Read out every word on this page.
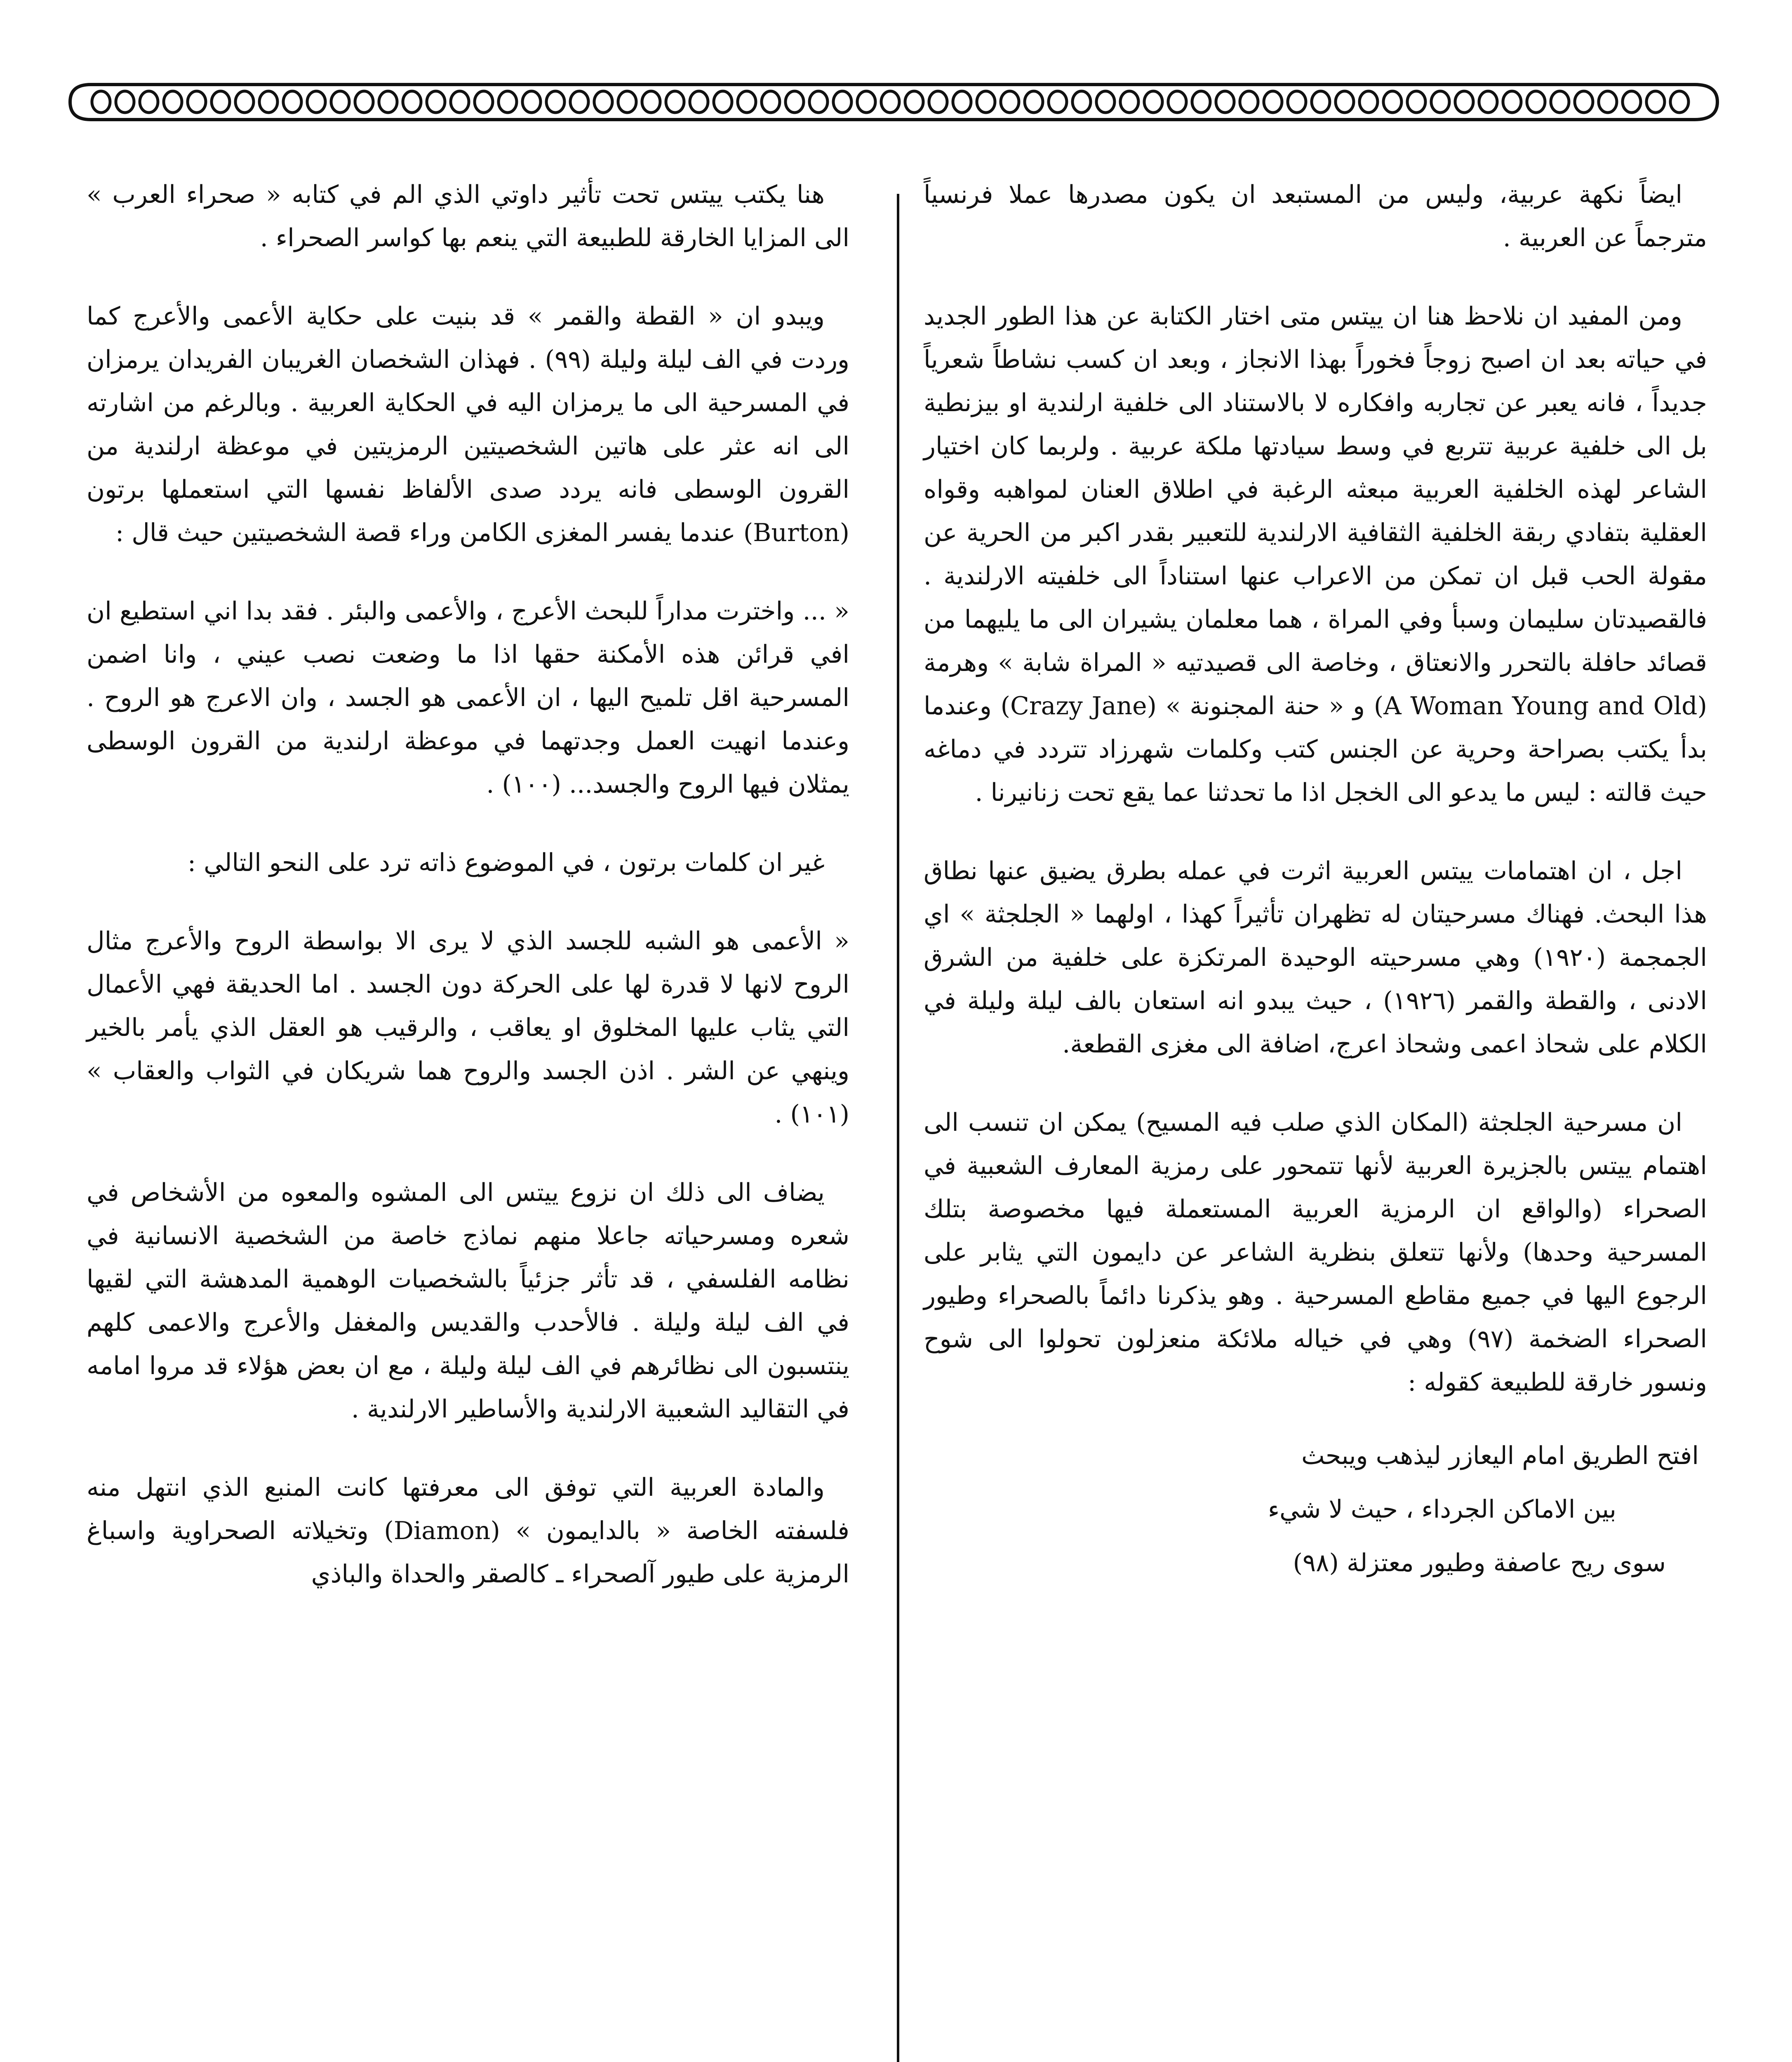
ايضاً نكهة عربية، وليس من المستبعد ان يكون مصدرها عملا فرنسياً مترجماً عن العربية .

ومن المفيد ان نلاحظ هنا ان ييتس متى اختار الكتابة عن هذا الطور الجديد في حياته بعد ان اصبح زوجاً فخوراً بهذا الانجاز ، وبعد ان كسب نشاطاً شعرياً جديداً ، فانه يعبر عن تجاربه وافكاره لا بالاستناد الى خلفية ارلندية او بيزنطية بل الى خلفية عربية تتربع في وسط سيادتها ملكة عربية . ولربما كان اختيار الشاعر لهذه الخلفية العربية مبعثه الرغبة في اطلاق العنان لمواهبه وقواه العقلية بتفادي ربقة الخلفية الثقافية الارلندية للتعبير بقدر اكبر من الحرية عن مقولة الحب قبل ان تمكن من الاعراب عنها استناداً الى خلفيته الارلندية . فالقصيدتان سليمان وسبأ وفي المراة ، هما معلمان يشيران الى ما يليهما من قصائد حافلة بالتحرر والانعتاق ، وخاصة الى قصيدتيه « المراة شابة » وهرمة (A Woman Young and Old) و « حنة المجنونة » (Crazy Jane) وعندما بدأ يكتب بصراحة وحرية عن الجنس كتب وكلمات شهرزاد تتردد في دماغه حيث قالته : ليس ما يدعو الى الخجل اذا ما تحدثنا عما يقع تحت زنانيرنا .

اجل ، ان اهتمامات ييتس العربية اثرت في عمله بطرق يضيق عنها نطاق هذا البحث. فهناك مسرحيتان له تظهران تأثيراً كهذا ، اولهما « الجلجثة » اي الجمجمة (١٩٢٠) وهي مسرحيته الوحيدة المرتكزة على خلفية من الشرق الادنى ، والقطة والقمر (١٩٢٦) ، حيث يبدو انه استعان بالف ليلة وليلة في الكلام على شحاذ اعمى وشحاذ اعرج، اضافة الى مغزى القطعة.

ان مسرحية الجلجثة (المكان الذي صلب فيه المسيح) يمكن ان تنسب الى اهتمام ييتس بالجزيرة العربية لأنها تتمحور على رمزية المعارف الشعبية في الصحراء (والواقع ان الرمزية العربية المستعملة فيها مخصوصة بتلك المسرحية وحدها) ولأنها تتعلق بنظرية الشاعر عن دايمون التي يثابر على الرجوع اليها في جميع مقاطع المسرحية . وهو يذكرنا دائماً بالصحراء وطيور الصحراء الضخمة (٩٧) وهي في خياله ملائكة منعزلون تحولوا الى شوح ونسور خارقة للطبيعة كقوله :

افتح الطريق امام اليعازر ليذهب ويبحث
بين الاماكن الجرداء ، حيث لا شيء
سوى ريح عاصفة وطيور معتزلة (٩٨)

هنا يكتب ييتس تحت تأثير داوتي الذي الم في كتابه « صحراء العرب » الى المزايا الخارقة للطبيعة التي ينعم بها كواسر الصحراء .

ويبدو ان « القطة والقمر » قد بنيت على حكاية الأعمى والأعرج كما وردت في الف ليلة وليلة (٩٩) . فهذان الشخصان الغريبان الفريدان يرمزان في المسرحية الى ما يرمزان اليه في الحكاية العربية . وبالرغم من اشارته الى انه عثر على هاتين الشخصيتين الرمزيتين في موعظة ارلندية من القرون الوسطى فانه يردد صدى الألفاظ نفسها التي استعملها برتون (Burton) عندما يفسر المغزى الكامن وراء قصة الشخصيتين حيث قال :

« ... واخترت مداراً للبحث الأعرج ، والأعمى والبئر . فقد بدا اني استطيع ان افي قرائن هذه الأمكنة حقها اذا ما وضعت نصب عيني ، وانا اضمن المسرحية اقل تلميح اليها ، ان الأعمى هو الجسد ، وان الاعرج هو الروح . وعندما انهيت العمل وجدتهما في موعظة ارلندية من القرون الوسطى يمثلان فيها الروح والجسد... (١٠٠) .

غير ان كلمات برتون ، في الموضوع ذاته ترد على النحو التالي :

« الأعمى هو الشبه للجسد الذي لا يرى الا بواسطة الروح والأعرج مثال الروح لانها لا قدرة لها على الحركة دون الجسد . اما الحديقة فهي الأعمال التي يثاب عليها المخلوق او يعاقب ، والرقيب هو العقل الذي يأمر بالخير وينهي عن الشر . اذن الجسد والروح هما شريكان في الثواب والعقاب » (١٠١) .

يضاف الى ذلك ان نزوع ييتس الى المشوه والمعوه من الأشخاص في شعره ومسرحياته جاعلا منهم نماذج خاصة من الشخصية الانسانية في نظامه الفلسفي ، قد تأثر جزئياً بالشخصيات الوهمية المدهشة التي لقيها في الف ليلة وليلة . فالأحدب والقديس والمغفل والأعرج والاعمى كلهم ينتسبون الى نظائرهم في الف ليلة وليلة ، مع ان بعض هؤلاء قد مروا امامه في التقاليد الشعبية الارلندية والأساطير الارلندية .

والمادة العربية التي توفق الى معرفتها كانت المنبع الذي انتهل منه فلسفته الخاصة « بالدايمون » (Diamon) وتخيلاته الصحراوية واسباغ الرمزية على طيور آلصحراء ـ كالصقر والحداة والباذي
